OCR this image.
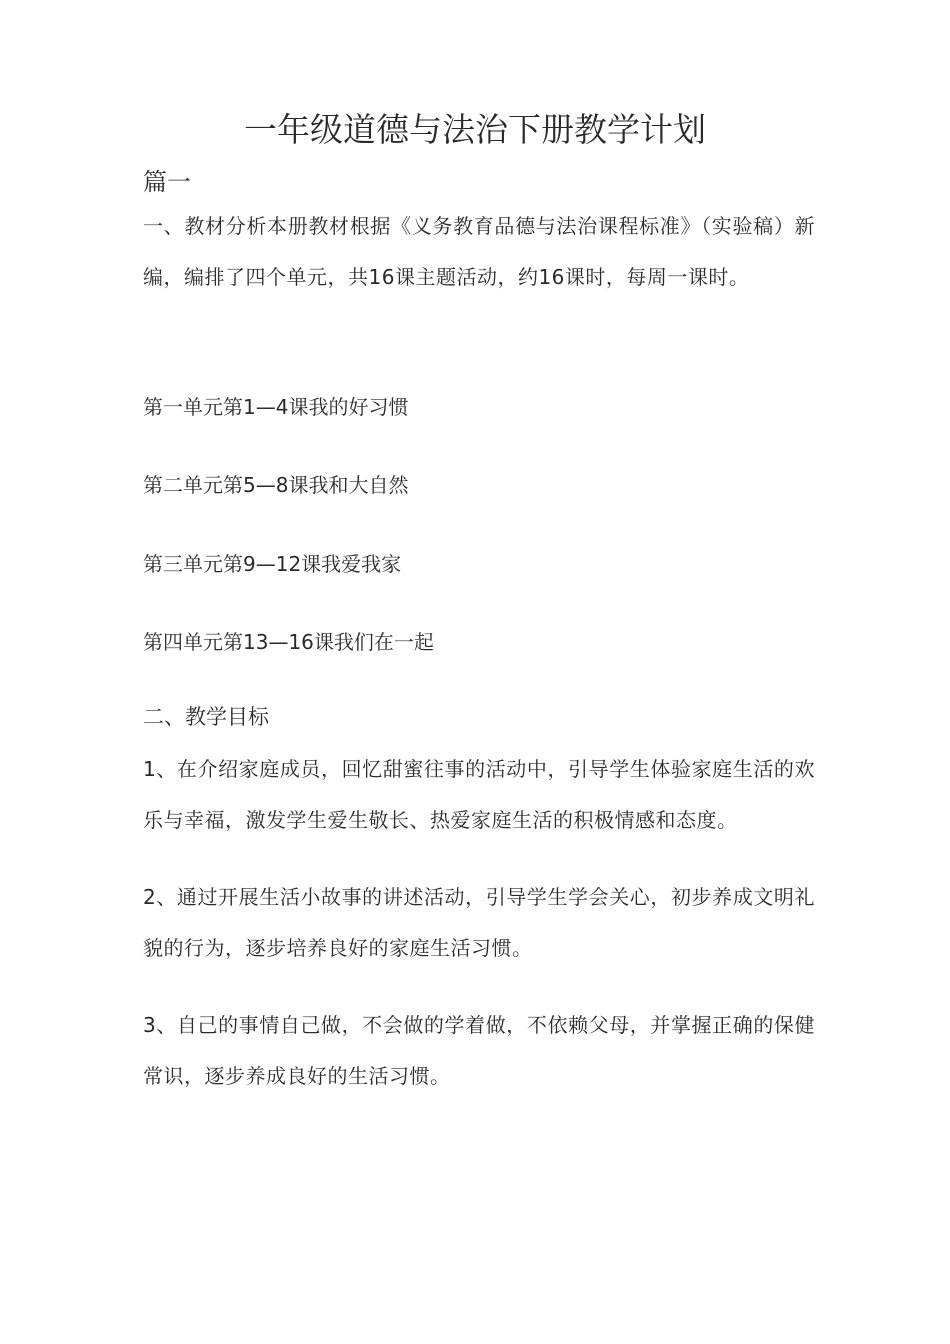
一年级道德与法治下册教学计划
篇一
一、教材分析本册教材根据《义务教育品德与法治课程标准》（实验稿）新编，编排了四个单元，共16课主题活动，约16课时，每周一课时。
第一单元第1—4课我的好习惯
第二单元第5—8课我和大自然
第三单元第9—12课我爱我家
第四单元第13—16课我们在一起
二、教学目标
1、在介绍家庭成员，回忆甜蜜往事的活动中，引导学生体验家庭生活的欢乐与幸福，激发学生爱生敬长、热爱家庭生活的积极情感和态度。
2、通过开展生活小故事的讲述活动，引导学生学会关心，初步养成文明礼貌的行为，逐步培养良好的家庭生活习惯。
3、自己的事情自己做，不会做的学着做，不依赖父母，并掌握正确的保健常识，逐步养成良好的生活习惯。
